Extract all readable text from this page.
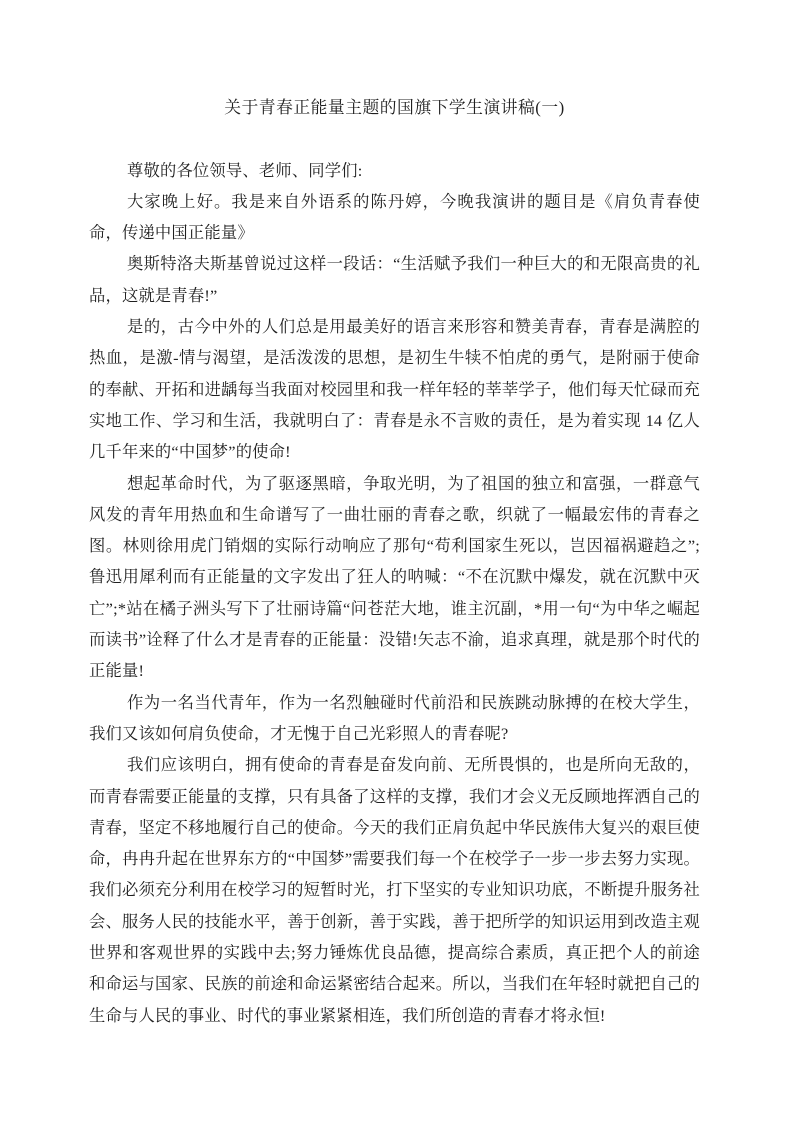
关于青春正能量主题的国旗下学生演讲稿(一)

尊敬的各位领导、老师、同学们:

大家晚上好。我是来自外语系的陈丹婷，今晚我演讲的题目是《肩负青春使命，传递中国正能量》

奥斯特洛夫斯基曾说过这样一段话：“生活赋予我们一种巨大的和无限高贵的礼品，这就是青春!”

是的，古今中外的人们总是用最美好的语言来形容和赞美青春，青春是满腔的热血，是激-情与渴望，是活泼泼的思想，是初生牛犊不怕虎的勇气，是附丽于使命的奉献、开拓和进龋每当我面对校园里和我一样年轻的莘莘学子，他们每天忙碌而充实地工作、学习和生活，我就明白了：青春是永不言败的责任，是为着实现 14 亿人几千年来的“中国梦”的使命!

想起革命时代，为了驱逐黑暗，争取光明，为了祖国的独立和富强，一群意气风发的青年用热血和生命谱写了一曲壮丽的青春之歌，织就了一幅最宏伟的青春之图。林则徐用虎门销烟的实际行动响应了那句“苟利国家生死以，岂因福祸避趋之”;鲁迅用犀利而有正能量的文字发出了狂人的呐喊：“不在沉默中爆发，就在沉默中灭亡”;*站在橘子洲头写下了壮丽诗篇“问苍茫大地，谁主沉副，*用一句“为中华之崛起而读书”诠释了什么才是青春的正能量：没错!矢志不渝，追求真理，就是那个时代的正能量!

作为一名当代青年，作为一名烈触碰时代前沿和民族跳动脉搏的在校大学生，我们又该如何肩负使命，才无愧于自己光彩照人的青春呢?

我们应该明白，拥有使命的青春是奋发向前、无所畏惧的，也是所向无敌的，而青春需要正能量的支撑，只有具备了这样的支撑，我们才会义无反顾地挥洒自己的青春，坚定不移地履行自己的使命。今天的我们正肩负起中华民族伟大复兴的艰巨使命，冉冉升起在世界东方的“中国梦”需要我们每一个在校学子一步一步去努力实现。我们必须充分利用在校学习的短暂时光，打下坚实的专业知识功底，不断提升服务社会、服务人民的技能水平，善于创新，善于实践，善于把所学的知识运用到改造主观世界和客观世界的实践中去;努力锤炼优良品德，提高综合素质，真正把个人的前途和命运与国家、民族的前途和命运紧密结合起来。所以，当我们在年轻时就把自己的生命与人民的事业、时代的事业紧紧相连，我们所创造的青春才将永恒!
